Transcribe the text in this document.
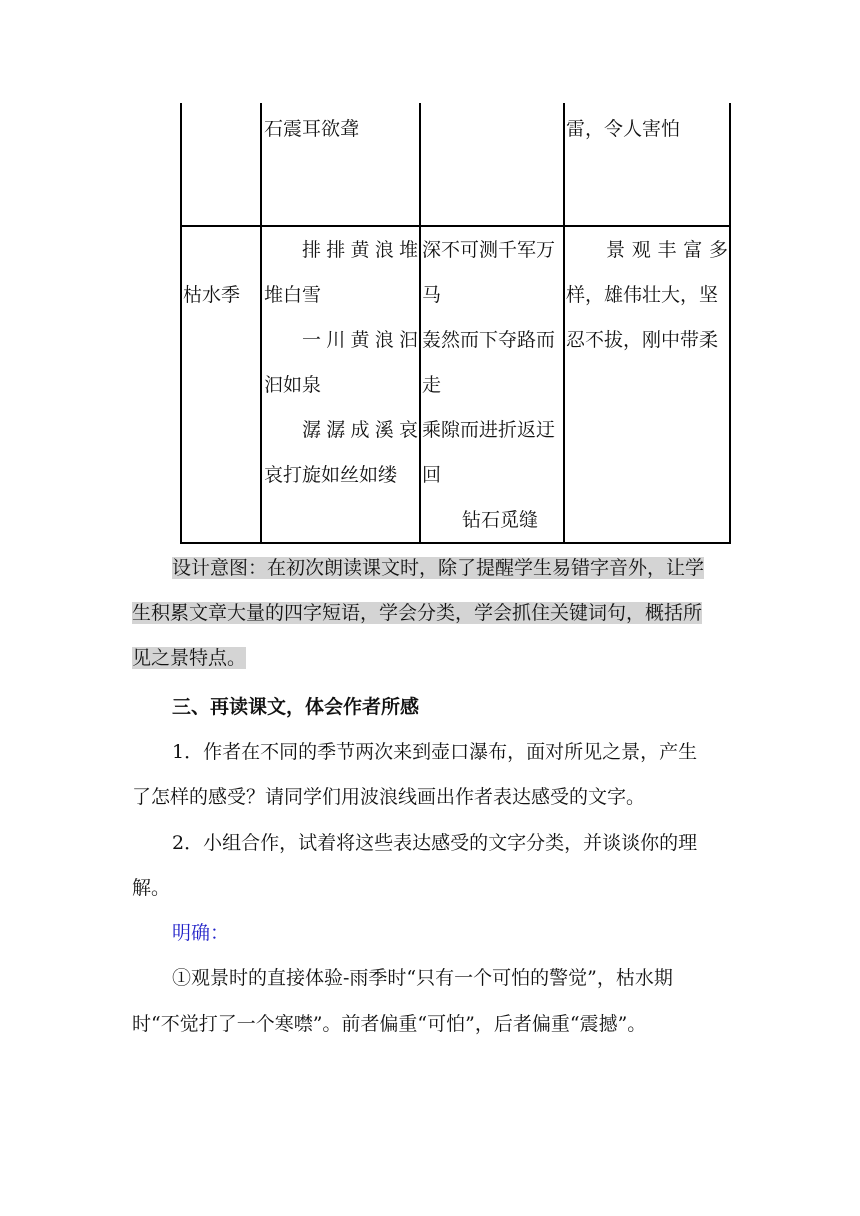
石震耳欲聋	雷，令人害怕
枯水季
排排黄浪堆
堆白雪
一川黄浪汩
汩如泉
潺潺成溪哀
哀打旋如丝如缕
深不可测千军万
马
轰然而下夺路而
走
乘隙而进折返迂
回
钻石觅缝
景观丰富多
样，雄伟壮大，坚
忍不拔，刚中带柔
设计意图：在初次朗读课文时，除了提醒学生易错字音外，让学
生积累文章大量的四字短语，学会分类，学会抓住关键词句，概括所
见之景特点。
三、再读课文，体会作者所感
1．作者在不同的季节两次来到壶口瀑布，面对所见之景，产生
了怎样的感受？请同学们用波浪线画出作者表达感受的文字。
2．小组合作，试着将这些表达感受的文字分类，并谈谈你的理
解。
明确：
①观景时的直接体验-雨季时“只有一个可怕的警觉”，枯水期
时“不觉打了一个寒噤”。前者偏重“可怕”，后者偏重“震撼”。
